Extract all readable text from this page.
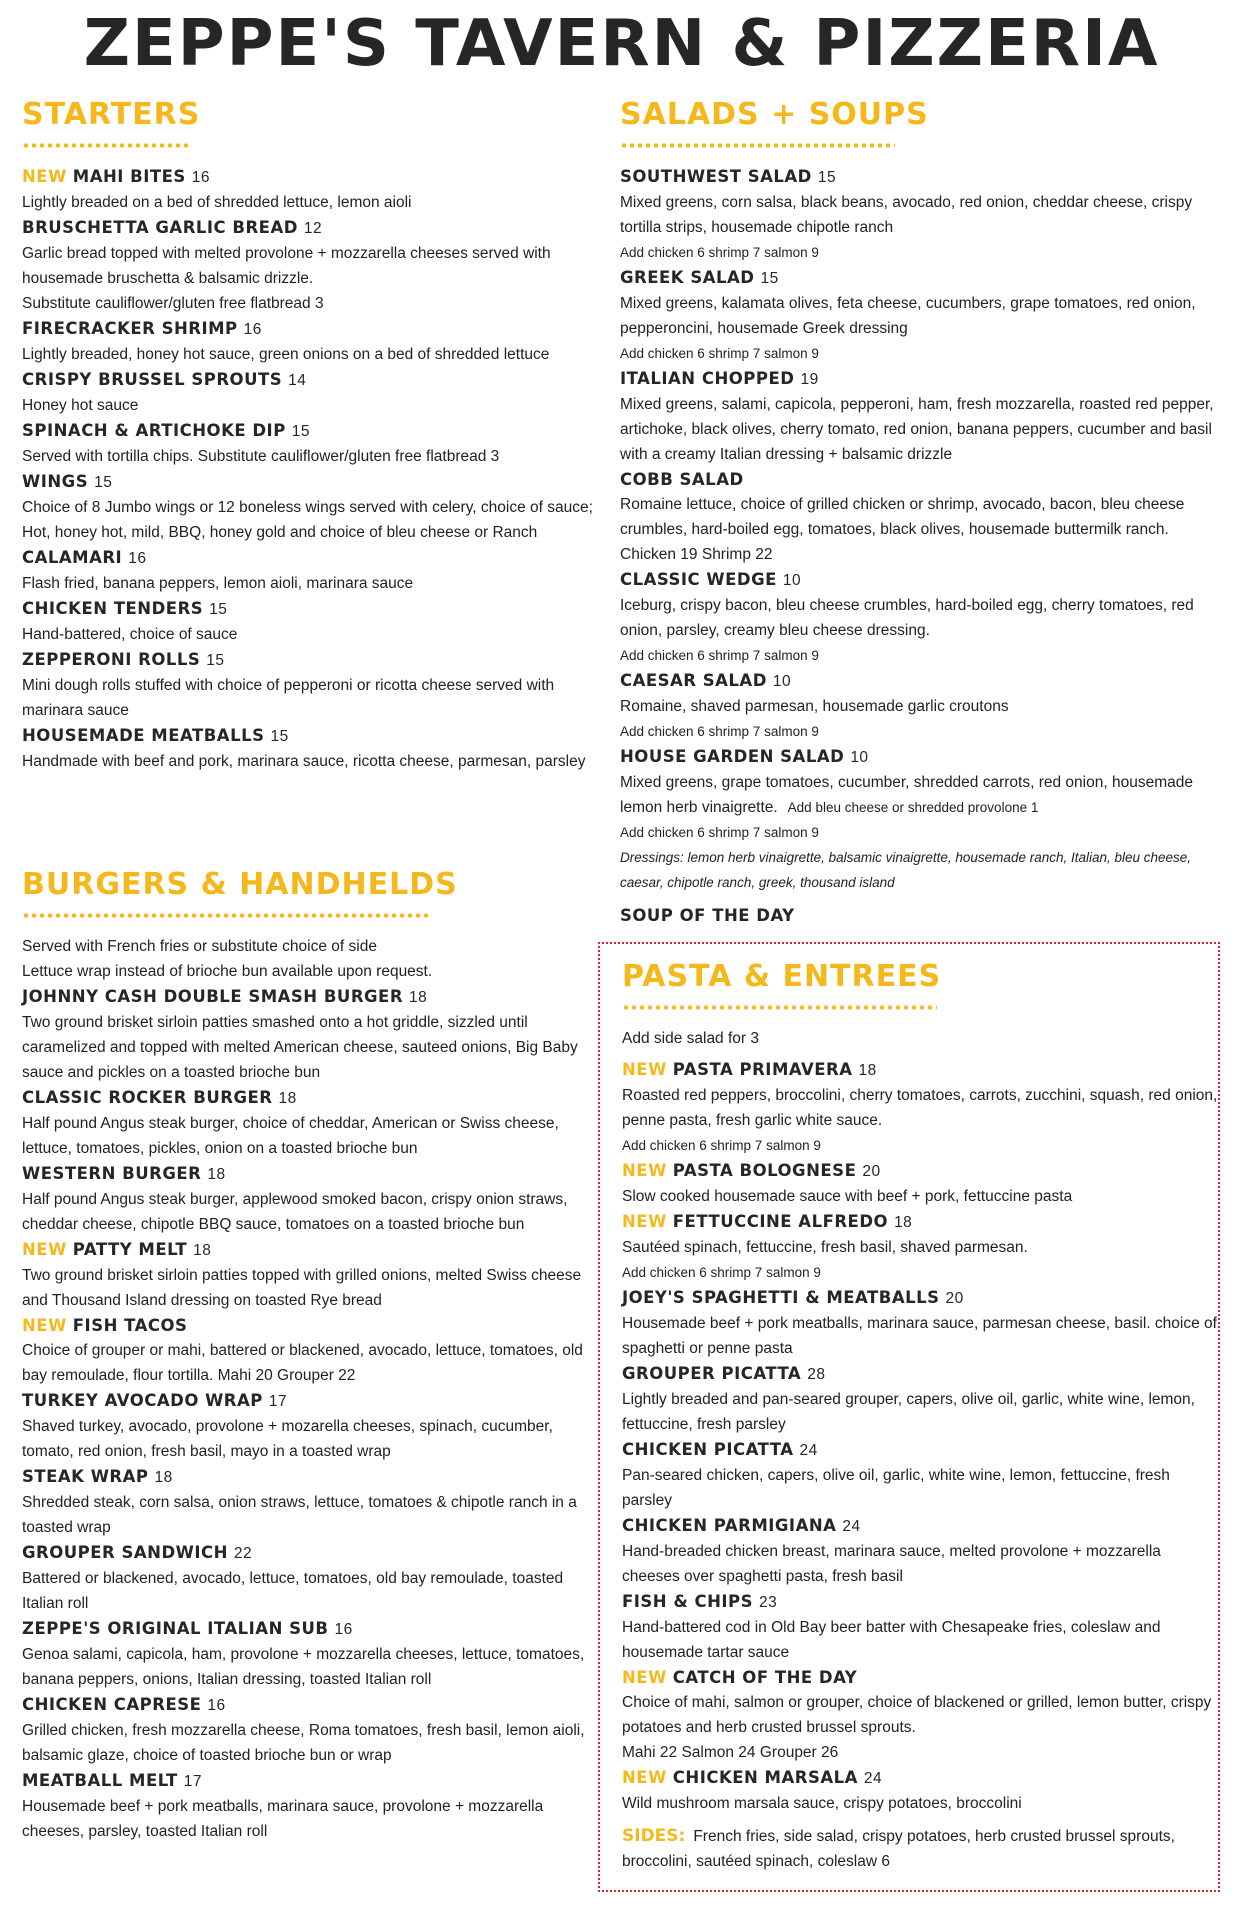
ZEPPE'S TAVERN & PIZZERIA
STARTERS
NEW MAHI BITES 16
Lightly breaded on a bed of shredded lettuce, lemon aioli
BRUSCHETTA GARLIC BREAD 12
Garlic bread topped with melted provolone + mozzarella cheeses served with housemade bruschetta & balsamic drizzle.
Substitute cauliflower/gluten free flatbread 3
FIRECRACKER SHRIMP 16
Lightly breaded, honey hot sauce, green onions on a bed of shredded lettuce
CRISPY BRUSSEL SPROUTS 14
Honey hot sauce
SPINACH & ARTICHOKE DIP 15
Served with tortilla chips. Substitute cauliflower/gluten free flatbread 3
WINGS 15
Choice of 8 Jumbo wings or 12 boneless wings served with celery, choice of sauce; Hot, honey hot, mild, BBQ, honey gold and choice of bleu cheese or Ranch
CALAMARI 16
Flash fried, banana peppers, lemon aioli, marinara sauce
CHICKEN TENDERS 15
Hand-battered, choice of sauce
ZEPPERONI ROLLS 15
Mini dough rolls stuffed with choice of pepperoni or ricotta cheese served with marinara sauce
HOUSEMADE MEATBALLS 15
Handmade with beef and pork, marinara sauce, ricotta cheese, parmesan, parsley
BURGERS & HANDHELDS
Served with French fries or substitute choice of side
Lettuce wrap instead of brioche bun available upon request.
JOHNNY CASH DOUBLE SMASH BURGER 18
Two ground brisket sirloin patties smashed onto a hot griddle, sizzled until caramelized and topped with melted American cheese, sauteed onions, Big Baby sauce and pickles on a toasted brioche bun
CLASSIC ROCKER BURGER 18
Half pound Angus steak burger, choice of cheddar, American or Swiss cheese, lettuce, tomatoes, pickles, onion on a toasted brioche bun
WESTERN BURGER 18
Half pound Angus steak burger, applewood smoked bacon, crispy onion straws, cheddar cheese, chipotle BBQ sauce, tomatoes on a toasted brioche bun
NEW PATTY MELT 18
Two ground brisket sirloin patties topped with grilled onions, melted Swiss cheese and Thousand Island dressing on toasted Rye bread
NEW FISH TACOS
Choice of grouper or mahi, battered or blackened, avocado, lettuce, tomatoes, old bay remoulade, flour tortilla. Mahi 20 Grouper 22
TURKEY AVOCADO WRAP 17
Shaved turkey, avocado, provolone + mozarella cheeses, spinach, cucumber, tomato, red onion, fresh basil, mayo in a toasted wrap
STEAK WRAP 18
Shredded steak, corn salsa, onion straws, lettuce, tomatoes & chipotle ranch in a toasted wrap
GROUPER SANDWICH 22
Battered or blackened, avocado, lettuce, tomatoes, old bay remoulade, toasted Italian roll
ZEPPE'S ORIGINAL ITALIAN SUB 16
Genoa salami, capicola, ham, provolone + mozzarella cheeses, lettuce, tomatoes, banana peppers, onions, Italian dressing, toasted Italian roll
CHICKEN CAPRESE 16
Grilled chicken, fresh mozzarella cheese, Roma tomatoes, fresh basil, lemon aioli, balsamic glaze, choice of toasted brioche bun or wrap
MEATBALL MELT 17
Housemade beef + pork meatballs, marinara sauce, provolone + mozzarella cheeses, parsley, toasted Italian roll
SALADS + SOUPS
SOUTHWEST SALAD 15
Mixed greens, corn salsa, black beans, avocado, red onion, cheddar cheese, crispy tortilla strips, housemade chipotle ranch
Add chicken 6 shrimp 7 salmon 9
GREEK SALAD 15
Mixed greens, kalamata olives, feta cheese, cucumbers, grape tomatoes, red onion, pepperoncini, housemade Greek dressing
Add chicken 6 shrimp 7 salmon 9
ITALIAN CHOPPED 19
Mixed greens, salami, capicola, pepperoni, ham, fresh mozzarella, roasted red pepper, artichoke, black olives, cherry tomato, red onion, banana peppers, cucumber and basil with a creamy Italian dressing + balsamic drizzle
COBB SALAD
Romaine lettuce, choice of grilled chicken or shrimp, avocado, bacon, bleu cheese crumbles, hard-boiled egg, tomatoes, black olives, housemade buttermilk ranch. Chicken 19 Shrimp 22
CLASSIC WEDGE 10
Iceburg, crispy bacon, bleu cheese crumbles, hard-boiled egg, cherry tomatoes, red onion, parsley, creamy bleu cheese dressing.
Add chicken 6 shrimp 7 salmon 9
CAESAR SALAD 10
Romaine, shaved parmesan, housemade garlic croutons
Add chicken 6 shrimp 7 salmon 9
HOUSE GARDEN SALAD 10
Mixed greens, grape tomatoes, cucumber, shredded carrots, red onion, housemade lemon herb vinaigrette. Add bleu cheese or shredded provolone 1
Add chicken 6 shrimp 7 salmon 9
Dressings: lemon herb vinaigrette, balsamic vinaigrette, housemade ranch, Italian, bleu cheese, caesar, chipotle ranch, greek, thousand island
SOUP OF THE DAY
PASTA & ENTREES
Add side salad for 3
NEW PASTA PRIMAVERA 18
Roasted red peppers, broccolini, cherry tomatoes, carrots, zucchini, squash, red onion, penne pasta, fresh garlic white sauce.
Add chicken 6 shrimp 7 salmon 9
NEW PASTA BOLOGNESE 20
Slow cooked housemade sauce with beef + pork, fettuccine pasta
NEW FETTUCCINE ALFREDO 18
Sautéed spinach, fettuccine, fresh basil, shaved parmesan.
Add chicken 6 shrimp 7 salmon 9
JOEY'S SPAGHETTI & MEATBALLS 20
Housemade beef + pork meatballs, marinara sauce, parmesan cheese, basil. choice of spaghetti or penne pasta
GROUPER PICATTA 28
Lightly breaded and pan-seared grouper, capers, olive oil, garlic, white wine, lemon, fettuccine, fresh parsley
CHICKEN PICATTA 24
Pan-seared chicken, capers, olive oil, garlic, white wine, lemon, fettuccine, fresh parsley
CHICKEN PARMIGIANA 24
Hand-breaded chicken breast, marinara sauce, melted provolone + mozzarella cheeses over spaghetti pasta, fresh basil
FISH & CHIPS 23
Hand-battered cod in Old Bay beer batter with Chesapeake fries, coleslaw and housemade tartar sauce
NEW CATCH OF THE DAY
Choice of mahi, salmon or grouper, choice of blackened or grilled, lemon butter, crispy potatoes and herb crusted brussel sprouts.
Mahi 22 Salmon 24 Grouper 26
NEW CHICKEN MARSALA 24
Wild mushroom marsala sauce, crispy potatoes, broccolini
SIDES: French fries, side salad, crispy potatoes, herb crusted brussel sprouts, broccolini, sautéed spinach, coleslaw 6
